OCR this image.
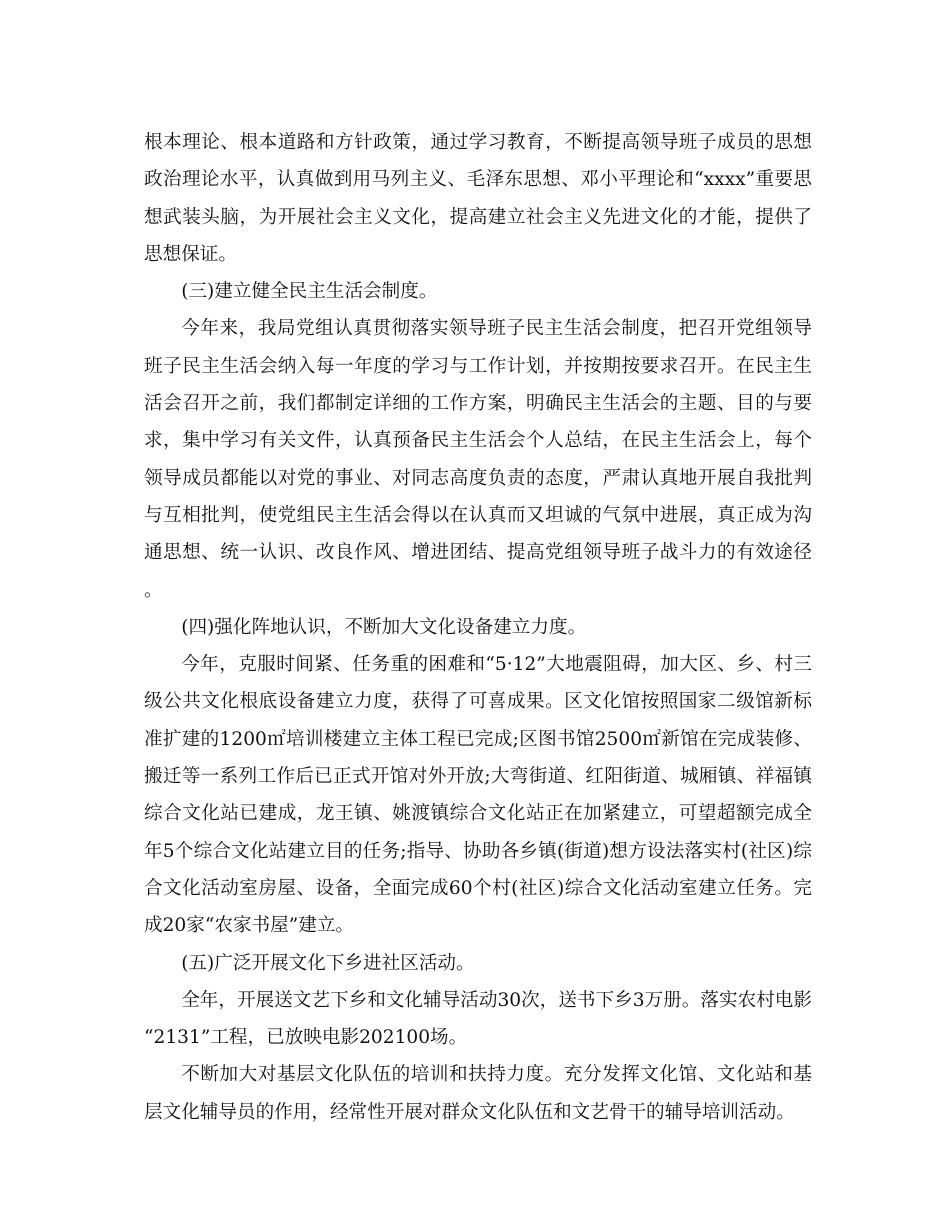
根本理论、根本道路和方针政策，通过学习教育，不断提高领导班子成员的思想政治理论水平，认真做到用马列主义、毛泽东思想、邓小平理论和“xxxx”重要思想武装头脑，为开展社会主义文化，提高建立社会主义先进文化的才能，提供了思想保证。

(三)建立健全民主生活会制度。

今年来，我局党组认真贯彻落实领导班子民主生活会制度，把召开党组领导班子民主生活会纳入每一年度的学习与工作计划，并按期按要求召开。在民主生活会召开之前，我们都制定详细的工作方案，明确民主生活会的主题、目的与要求，集中学习有关文件，认真预备民主生活会个人总结，在民主生活会上，每个领导成员都能以对党的事业、对同志高度负责的态度，严肃认真地开展自我批判与互相批判，使党组民主生活会得以在认真而又坦诚的气氛中进展，真正成为沟通思想、统一认识、改良作风、增进团结、提高党组领导班子战斗力的有效途径。

(四)强化阵地认识，不断加大文化设备建立力度。

今年，克服时间紧、任务重的困难和“5·12”大地震阻碍，加大区、乡、村三级公共文化根底设备建立力度，获得了可喜成果。区文化馆按照国家二级馆新标准扩建的1200㎡培训楼建立主体工程已完成;区图书馆2500㎡新馆在完成装修、搬迁等一系列工作后已正式开馆对外开放;大弯街道、红阳街道、城厢镇、祥福镇综合文化站已建成，龙王镇、姚渡镇综合文化站正在加紧建立，可望超额完成全年5个综合文化站建立目的任务;指导、协助各乡镇(街道)想方设法落实村(社区)综合文化活动室房屋、设备，全面完成60个村(社区)综合文化活动室建立任务。完成20家“农家书屋”建立。

(五)广泛开展文化下乡进社区活动。

全年，开展送文艺下乡和文化辅导活动30次，送书下乡3万册。落实农村电影“2131”工程，已放映电影202100场。

不断加大对基层文化队伍的培训和扶持力度。充分发挥文化馆、文化站和基层文化辅导员的作用，经常性开展对群众文化队伍和文艺骨干的辅导培训活动。
